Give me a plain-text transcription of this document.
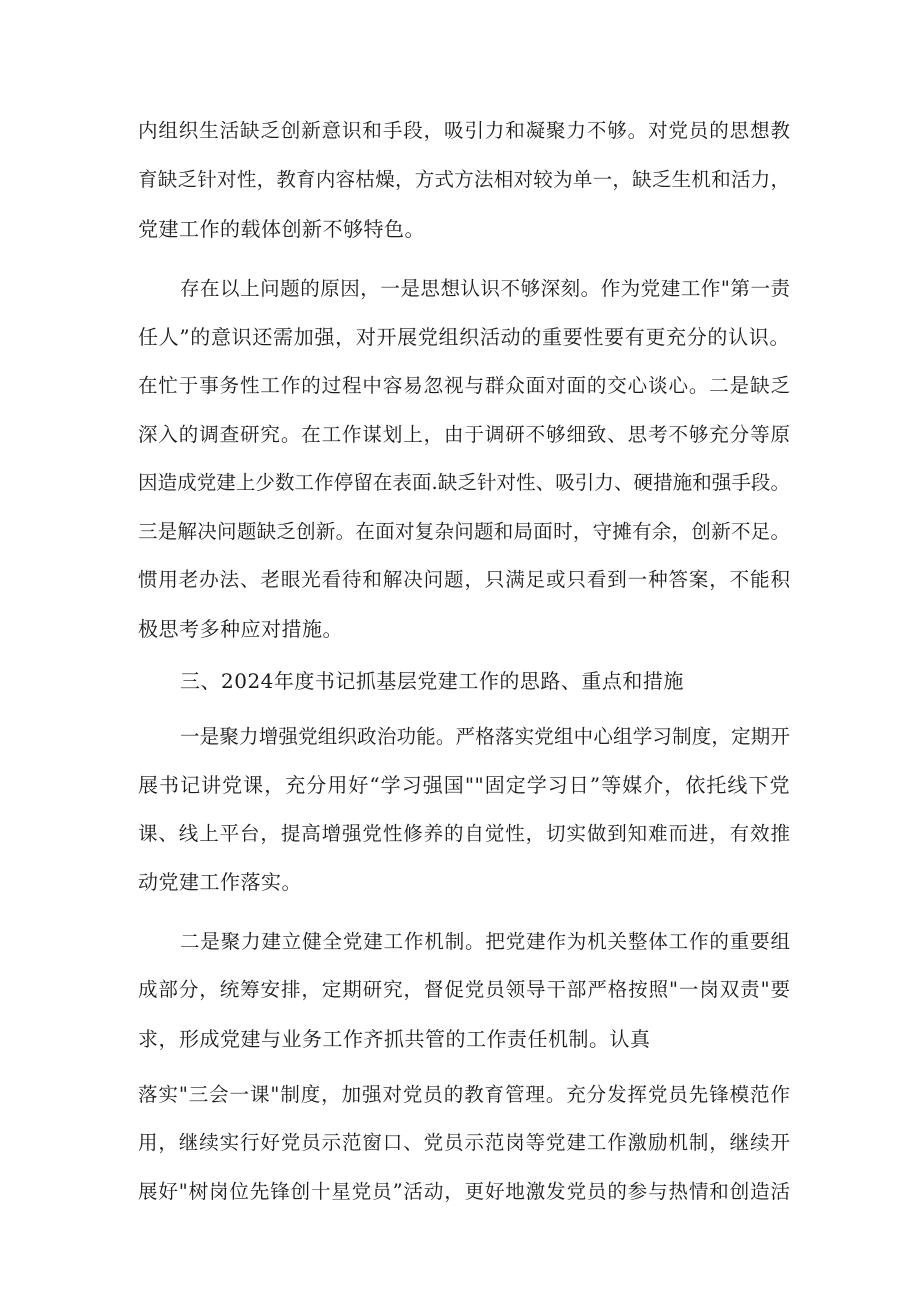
内组织生活缺乏创新意识和手段，吸引力和凝聚力不够。对党员的思想教
育缺乏针对性，教育内容枯燥，方式方法相对较为单一，缺乏生机和活力，
党建工作的载体创新不够特色。
存在以上问题的原因，一是思想认识不够深刻。作为党建工作"第一责
任人”的意识还需加强，对开展党组织活动的重要性要有更充分的认识。
在忙于事务性工作的过程中容易忽视与群众面对面的交心谈心。二是缺乏
深入的调查研究。在工作谋划上，由于调研不够细致、思考不够充分等原
因造成党建上少数工作停留在表面.缺乏针对性、吸引力、硬措施和强手段。
三是解决问题缺乏创新。在面对复杂问题和局面时，守摊有余，创新不足。
惯用老办法、老眼光看待和解决问题，只满足或只看到一种答案，不能积
极思考多种应对措施。
三、2024年度书记抓基层党建工作的思路、重点和措施
一是聚力增强党组织政治功能。严格落实党组中心组学习制度，定期开
展书记讲党课，充分用好“学习强国""固定学习日”等媒介，依托线下党
课、线上平台，提高增强党性修养的自觉性，切实做到知难而进，有效推
动党建工作落实。
二是聚力建立健全党建工作机制。把党建作为机关整体工作的重要组
成部分，统筹安排，定期研究，督促党员领导干部严格按照"一岗双责"要
求，形成党建与业务工作齐抓共管的工作责任机制。认真
落实"三会一课"制度，加强对党员的教育管理。充分发挥党员先锋模范作
用，继续实行好党员示范窗口、党员示范岗等党建工作激励机制，继续开
展好"树岗位先锋创十星党员”活动，更好地激发党员的参与热情和创造活
